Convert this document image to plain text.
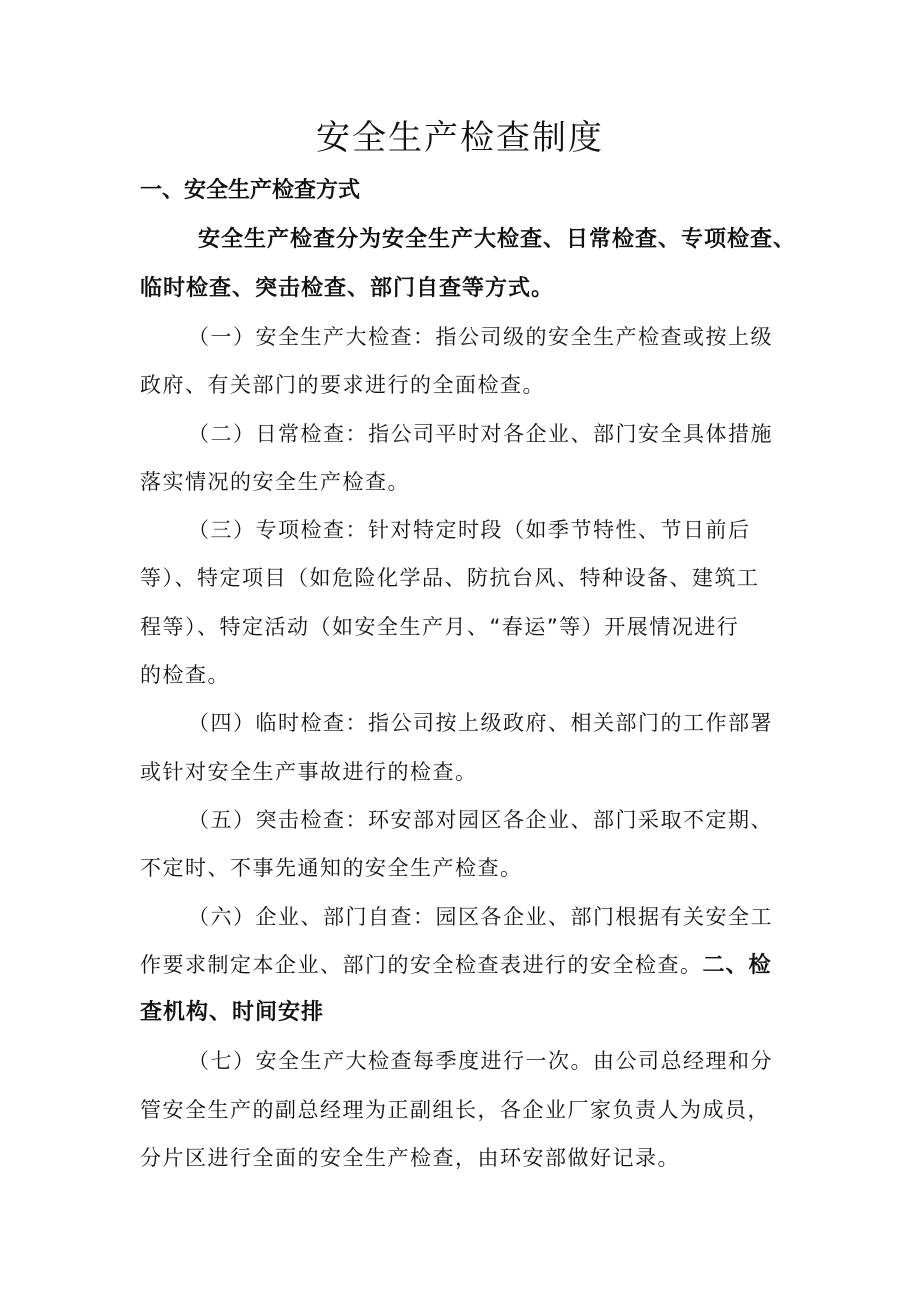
安全生产检查制度
一、安全生产检查方式
安全生产检查分为安全生产大检查、日常检查、专项检查、
临时检查、突击检查、部门自查等方式。
（一）安全生产大检查：指公司级的安全生产检查或按上级
政府、有关部门的要求进行的全面检查。
（二）日常检查：指公司平时对各企业、部门安全具体措施
落实情况的安全生产检查。
（三）专项检查：针对特定时段（如季节特性、节日前后
等）、特定项目（如危险化学品、防抗台风、特种设备、建筑工
程等）、特定活动（如安全生产月、“春运”等）开展情况进行
的检查。
（四）临时检查：指公司按上级政府、相关部门的工作部署
或针对安全生产事故进行的检查。
（五）突击检查：环安部对园区各企业、部门采取不定期、
不定时、不事先通知的安全生产检查。
（六）企业、部门自查：园区各企业、部门根据有关安全工
作要求制定本企业、部门的安全检查表进行的安全检查。二、检
查机构、时间安排
（七）安全生产大检查每季度进行一次。由公司总经理和分
管安全生产的副总经理为正副组长，各企业厂家负责人为成员，
分片区进行全面的安全生产检查，由环安部做好记录。
